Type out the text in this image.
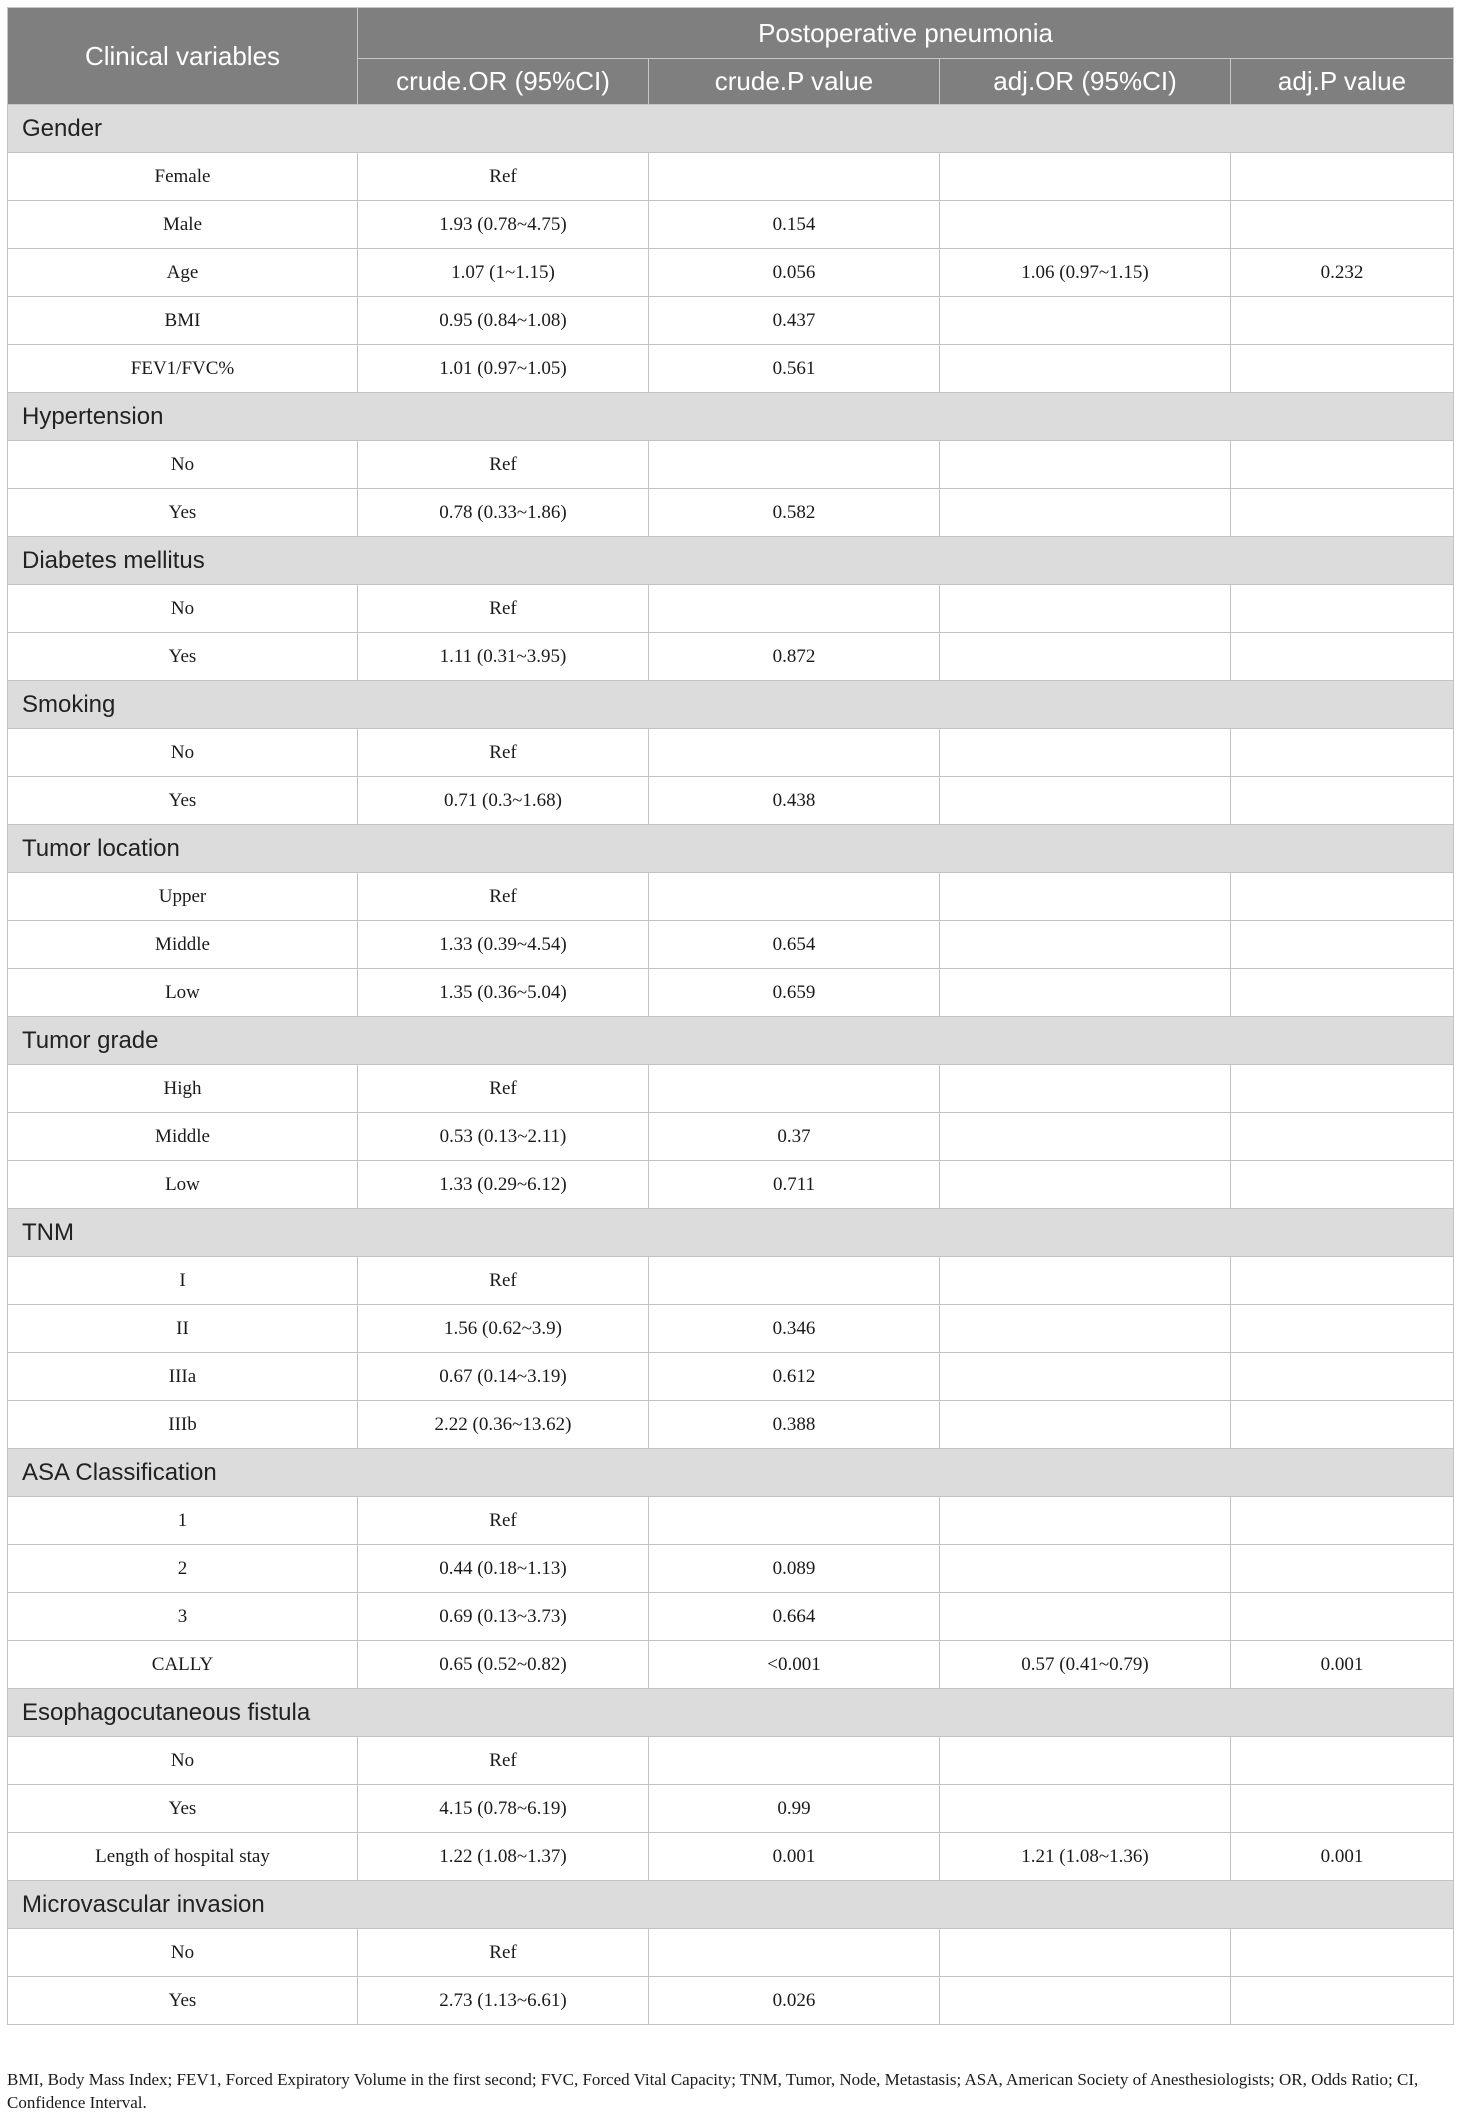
Clinical variables	Postoperative pneumonia			
	crude.OR (95%CI)	crude.P value	adj.OR (95%CI)	adj.P value
Gender				
Female	Ref			
Male	1.93 (0.78~4.75)	0.154		
Age	1.07 (1~1.15)	0.056	1.06 (0.97~1.15)	0.232
BMI	0.95 (0.84~1.08)	0.437		
FEV1/FVC%	1.01 (0.97~1.05)	0.561		
Hypertension				
No	Ref			
Yes	0.78 (0.33~1.86)	0.582		
Diabetes mellitus				
No	Ref			
Yes	1.11 (0.31~3.95)	0.872		
Smoking				
No	Ref			
Yes	0.71 (0.3~1.68)	0.438		
Tumor location				
Upper	Ref			
Middle	1.33 (0.39~4.54)	0.654		
Low	1.35 (0.36~5.04)	0.659		
Tumor grade				
High	Ref			
Middle	0.53 (0.13~2.11)	0.37		
Low	1.33 (0.29~6.12)	0.711		
TNM				
I	Ref			
II	1.56 (0.62~3.9)	0.346		
IIIa	0.67 (0.14~3.19)	0.612		
IIIb	2.22 (0.36~13.62)	0.388		
ASA Classification				
1	Ref			
2	0.44 (0.18~1.13)	0.089		
3	0.69 (0.13~3.73)	0.664		
CALLY	0.65 (0.52~0.82)	<0.001	0.57 (0.41~0.79)	0.001
Esophagocutaneous fistula				
No	Ref			
Yes	4.15 (0.78~6.19)	0.99		
Length of hospital stay	1.22 (1.08~1.37)	0.001	1.21 (1.08~1.36)	0.001
Microvascular invasion				
No	Ref			
Yes	2.73 (1.13~6.61)	0.026		
BMI, Body Mass Index; FEV1, Forced Expiratory Volume in the first second; FVC, Forced Vital Capacity; TNM, Tumor, Node, Metastasis; ASA, American Society of Anesthesiologists; OR, Odds Ratio; CI, Confidence Interval.
